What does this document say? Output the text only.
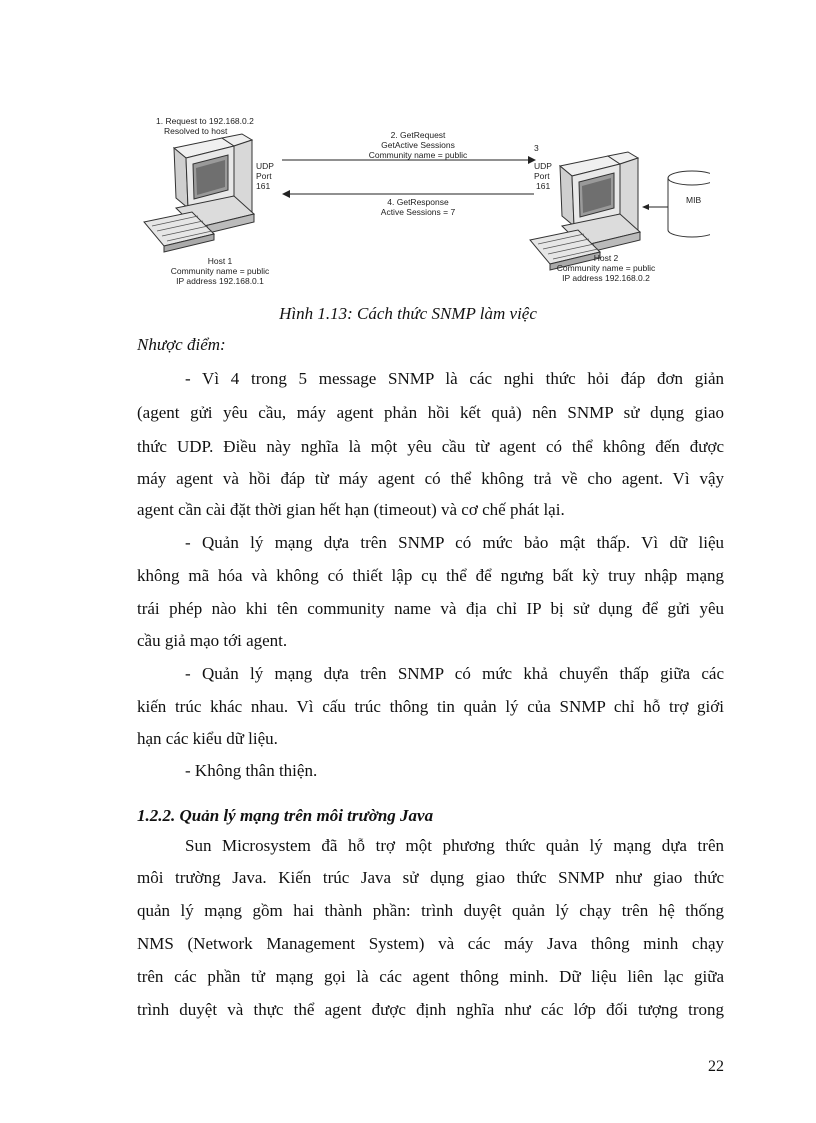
1. Request to 192.168.0.2
Resolved to host	2. GetRequest
GetActive Sessions
Community name = public
3
UDP
Port
161
UDP
Port
161
4. GetResponse
Active Sessions = 7
MIB
Host 1
Community name = public
IP address 192.168.0.1
Host 2
Community name = public
IP address 192.168.0.2
Hình 1.13: Cách thức SNMP làm việc
Nhược điểm:
- Vì 4 trong 5 message SNMP là các nghi thức hỏi đáp đơn giản
(agent gửi yêu cầu, máy agent phản hồi kết quả) nên SNMP sử dụng giao
thức UDP. Điều này nghĩa là một yêu cầu từ agent có thể không đến được
máy agent và hồi đáp từ máy agent có thể không trả về cho agent. Vì vậy
agent cần cài đặt thời gian hết hạn (timeout) và cơ chế phát lại.
- Quản lý mạng dựa trên SNMP có mức bảo mật thấp. Vì dữ liệu
không mã hóa và không có thiết lập cụ thể để ngưng bất kỳ truy nhập mạng
trái phép nào khi tên community name và địa chỉ IP bị sử dụng để gửi yêu
cầu giả mạo tới agent.
- Quản lý mạng dựa trên SNMP có mức khả chuyển thấp giữa các
kiến trúc khác nhau. Vì cấu trúc thông tin quản lý của SNMP chỉ hỗ trợ giới
hạn các kiểu dữ liệu.
- Không thân thiện.
1.2.2. Quản lý mạng trên môi trường Java
Sun Microsystem đã hỗ trợ một phương thức quản lý mạng dựa trên
môi trường Java. Kiến trúc Java sử dụng giao thức SNMP như giao thức
quản lý mạng gồm hai thành phần: trình duyệt quản lý chạy trên hệ thống
NMS (Network Management System) và các máy Java thông minh chạy
trên các phần tử mạng gọi là các agent thông minh. Dữ liệu liên lạc giữa
trình duyệt và thực thể agent được định nghĩa như các lớp đối tượng trong
22
